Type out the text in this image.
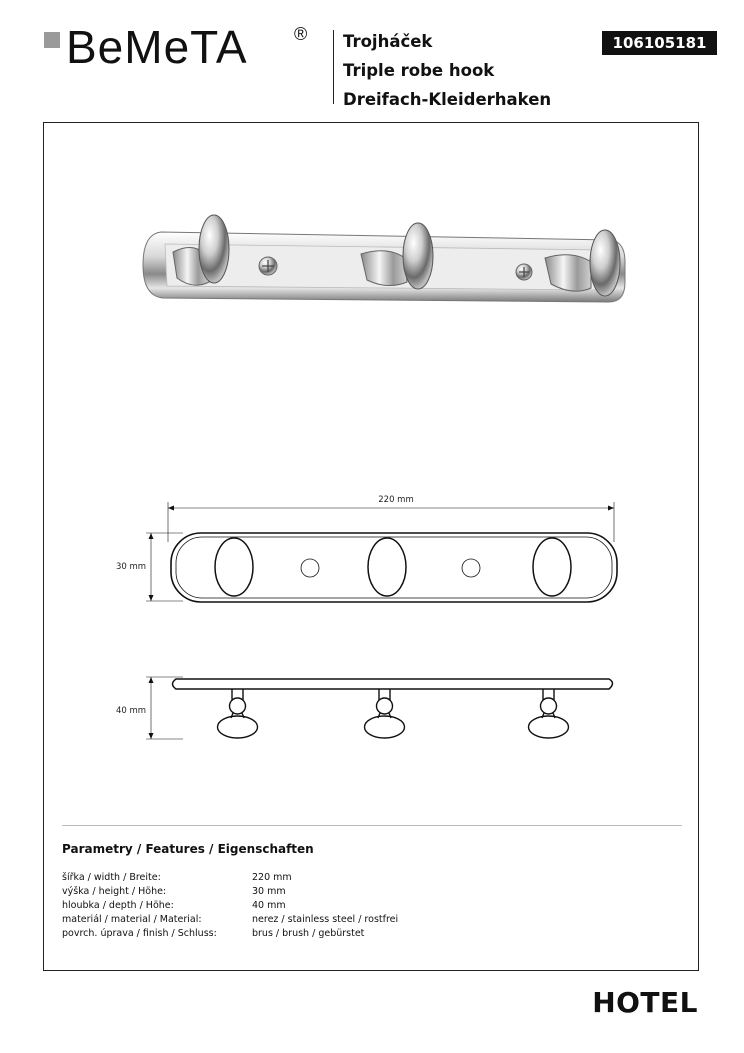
BeMeTA	® Trojháček
Triple robe hook
Dreifach-Kleiderhaken
106105181
220 mm
30 mm
40 mm
Parametry / Features / Eigenschaften
šířka / width / Breite:	220 mm
výška / height / Höhe:	30 mm
hloubka / depth / Höhe:	40 mm
materiál / material / Material:	nerez / stainless steel / rostfrei
povrch. úprava / finish / Schluss:	brus / brush / gebürstet
HOTEL
